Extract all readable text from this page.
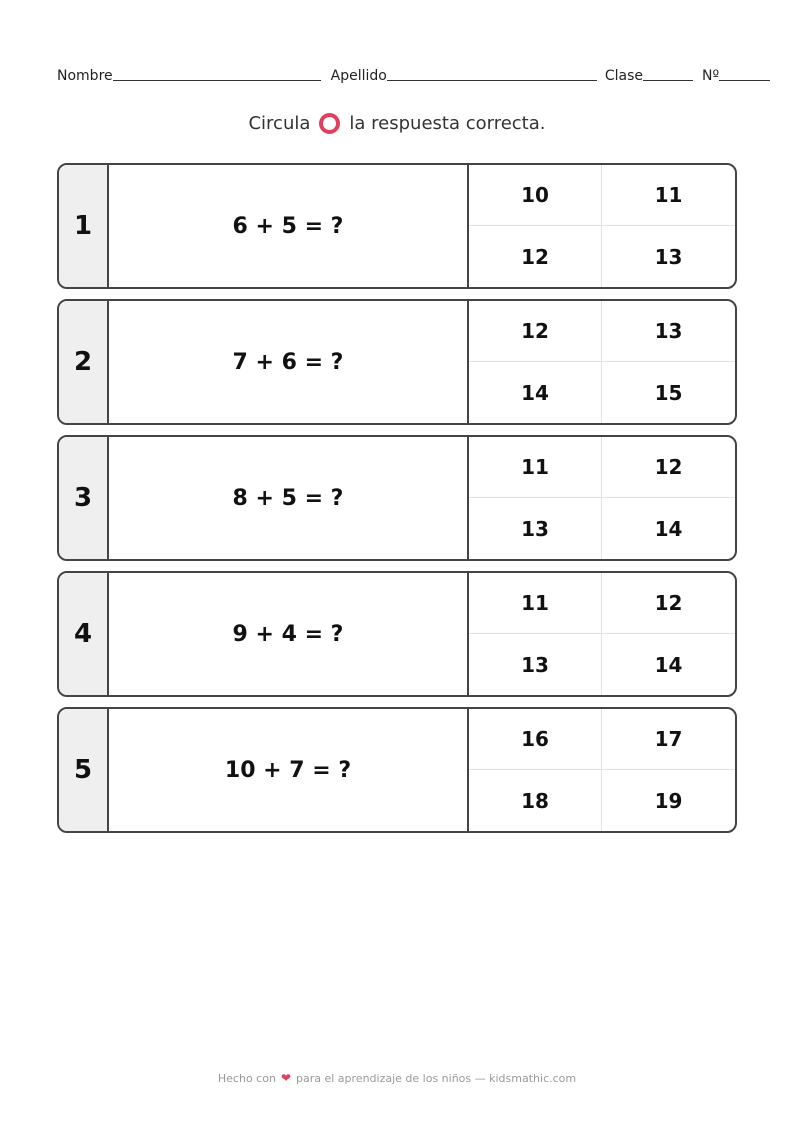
Nombre	Apellido	Clase	Nº
Circula la respuesta correcta.
1	6 + 5 = ?
10	11
12	13
2	7 + 6 = ?
12	13
14	15
3	8 + 5 = ?
11	12
13	14
4	9 + 4 = ?
11	12
13	14
5	10 + 7 = ?
16	17
18	19
Hecho con ❤ para el aprendizaje de los niños — kidsmathic.com
